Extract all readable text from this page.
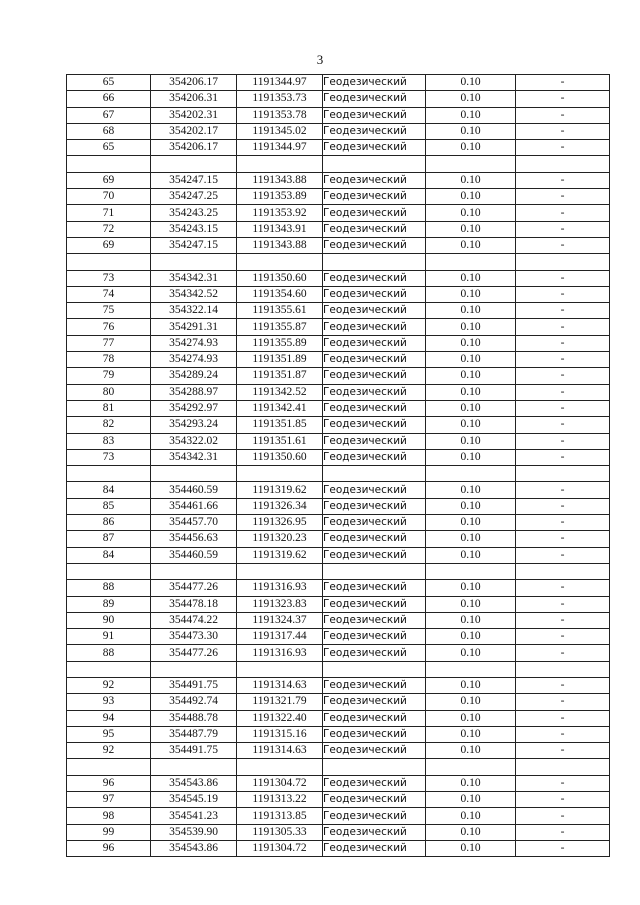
3
65	354206.17	1191344.97	Геодезический	0.10	-
66	354206.31	1191353.73	Геодезический	0.10	-
67	354202.31	1191353.78	Геодезический	0.10	-
68	354202.17	1191345.02	Геодезический	0.10	-
65	354206.17	1191344.97	Геодезический	0.10	-

69	354247.15	1191343.88	Геодезический	0.10	-
70	354247.25	1191353.89	Геодезический	0.10	-
71	354243.25	1191353.92	Геодезический	0.10	-
72	354243.15	1191343.91	Геодезический	0.10	-
69	354247.15	1191343.88	Геодезический	0.10	-

73	354342.31	1191350.60	Геодезический	0.10	-
74	354342.52	1191354.60	Геодезический	0.10	-
75	354322.14	1191355.61	Геодезический	0.10	-
76	354291.31	1191355.87	Геодезический	0.10	-
77	354274.93	1191355.89	Геодезический	0.10	-
78	354274.93	1191351.89	Геодезический	0.10	-
79	354289.24	1191351.87	Геодезический	0.10	-
80	354288.97	1191342.52	Геодезический	0.10	-
81	354292.97	1191342.41	Геодезический	0.10	-
82	354293.24	1191351.85	Геодезический	0.10	-
83	354322.02	1191351.61	Геодезический	0.10	-
73	354342.31	1191350.60	Геодезический	0.10	-

84	354460.59	1191319.62	Геодезический	0.10	-
85	354461.66	1191326.34	Геодезический	0.10	-
86	354457.70	1191326.95	Геодезический	0.10	-
87	354456.63	1191320.23	Геодезический	0.10	-
84	354460.59	1191319.62	Геодезический	0.10	-

88	354477.26	1191316.93	Геодезический	0.10	-
89	354478.18	1191323.83	Геодезический	0.10	-
90	354474.22	1191324.37	Геодезический	0.10	-
91	354473.30	1191317.44	Геодезический	0.10	-
88	354477.26	1191316.93	Геодезический	0.10	-

92	354491.75	1191314.63	Геодезический	0.10	-
93	354492.74	1191321.79	Геодезический	0.10	-
94	354488.78	1191322.40	Геодезический	0.10	-
95	354487.79	1191315.16	Геодезический	0.10	-
92	354491.75	1191314.63	Геодезический	0.10	-

96	354543.86	1191304.72	Геодезический	0.10	-
97	354545.19	1191313.22	Геодезический	0.10	-
98	354541.23	1191313.85	Геодезический	0.10	-
99	354539.90	1191305.33	Геодезический	0.10	-
96	354543.86	1191304.72	Геодезический	0.10	-
